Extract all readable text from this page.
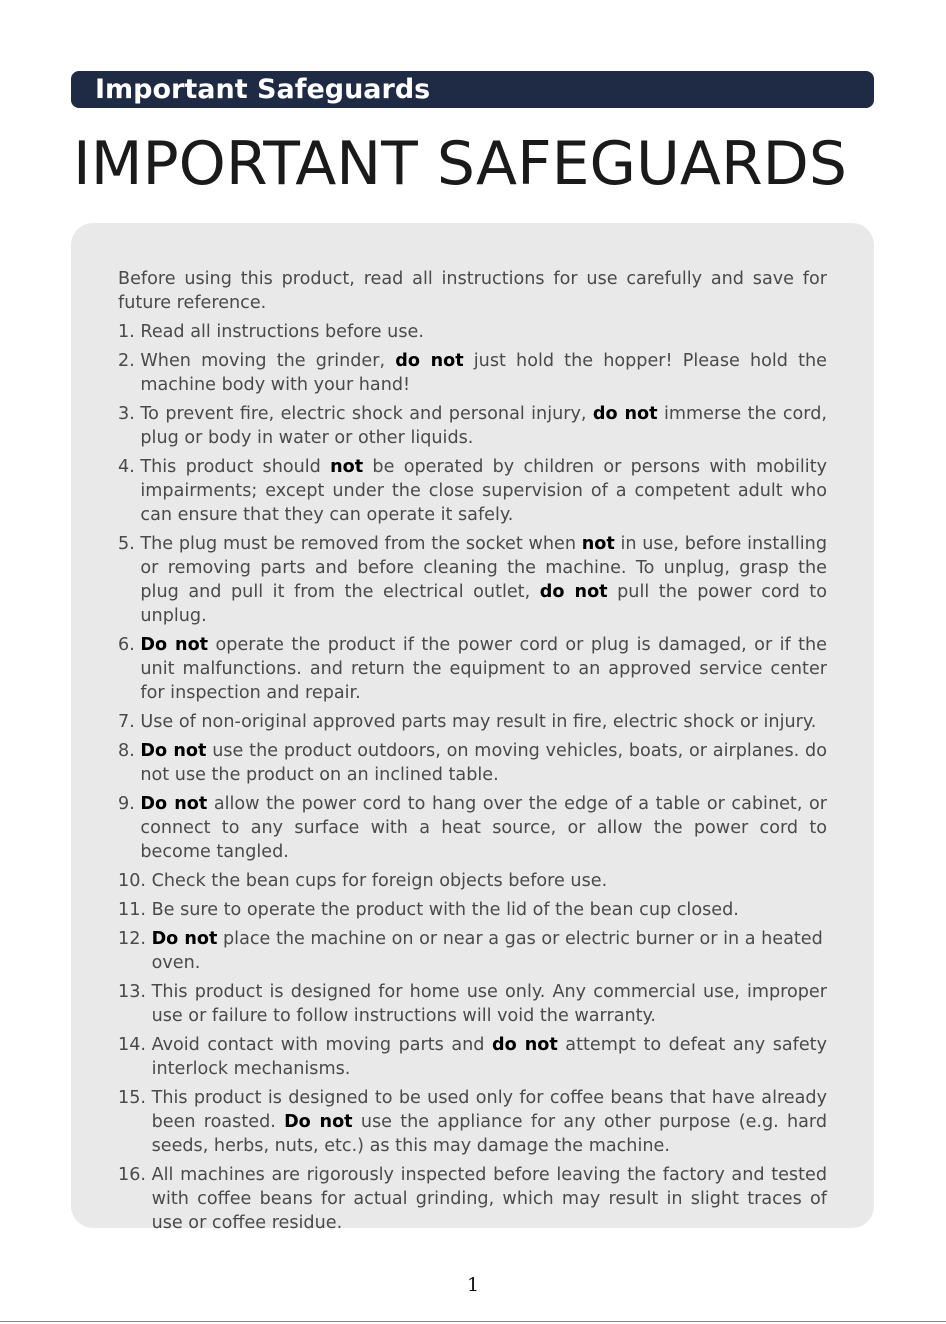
Important Safeguards
IMPORTANT SAFEGUARDS

Before using this product, read all instructions for use carefully and save for future reference.

1. Read all instructions before use.
2. When moving the grinder, do not just hold the hopper! Please hold the machine body with your hand!
3. To prevent fire, electric shock and personal injury, do not immerse the cord, plug or body in water or other liquids.
4. This product should not be operated by children or persons with mobility impairments; except under the close supervision of a competent adult who can ensure that they can operate it safely.
5. The plug must be removed from the socket when not in use, before installing or removing parts and before cleaning the machine. To unplug, grasp the plug and pull it from the electrical outlet, do not pull the power cord to unplug.
6. Do not operate the product if the power cord or plug is damaged, or if the unit malfunctions. and return the equipment to an approved service center for inspection and repair.
7. Use of non-original approved parts may result in fire, electric shock or injury.
8. Do not use the product outdoors, on moving vehicles, boats, or airplanes. do not use the product on an inclined table.
9. Do not allow the power cord to hang over the edge of a table or cabinet, or connect to any surface with a heat source, or allow the power cord to become tangled.
10. Check the bean cups for foreign objects before use.
11. Be sure to operate the product with the lid of the bean cup closed.
12. Do not place the machine on or near a gas or electric burner or in a heated oven.
13. This product is designed for home use only. Any commercial use, improper use or failure to follow instructions will void the warranty.
14. Avoid contact with moving parts and do not attempt to defeat any safety interlock mechanisms.
15. This product is designed to be used only for coffee beans that have already been roasted. Do not use the appliance for any other purpose (e.g. hard seeds, herbs, nuts, etc.) as this may damage the machine.
16. All machines are rigorously inspected before leaving the factory and tested with coffee beans for actual grinding, which may result in slight traces of use or coffee residue.
1
